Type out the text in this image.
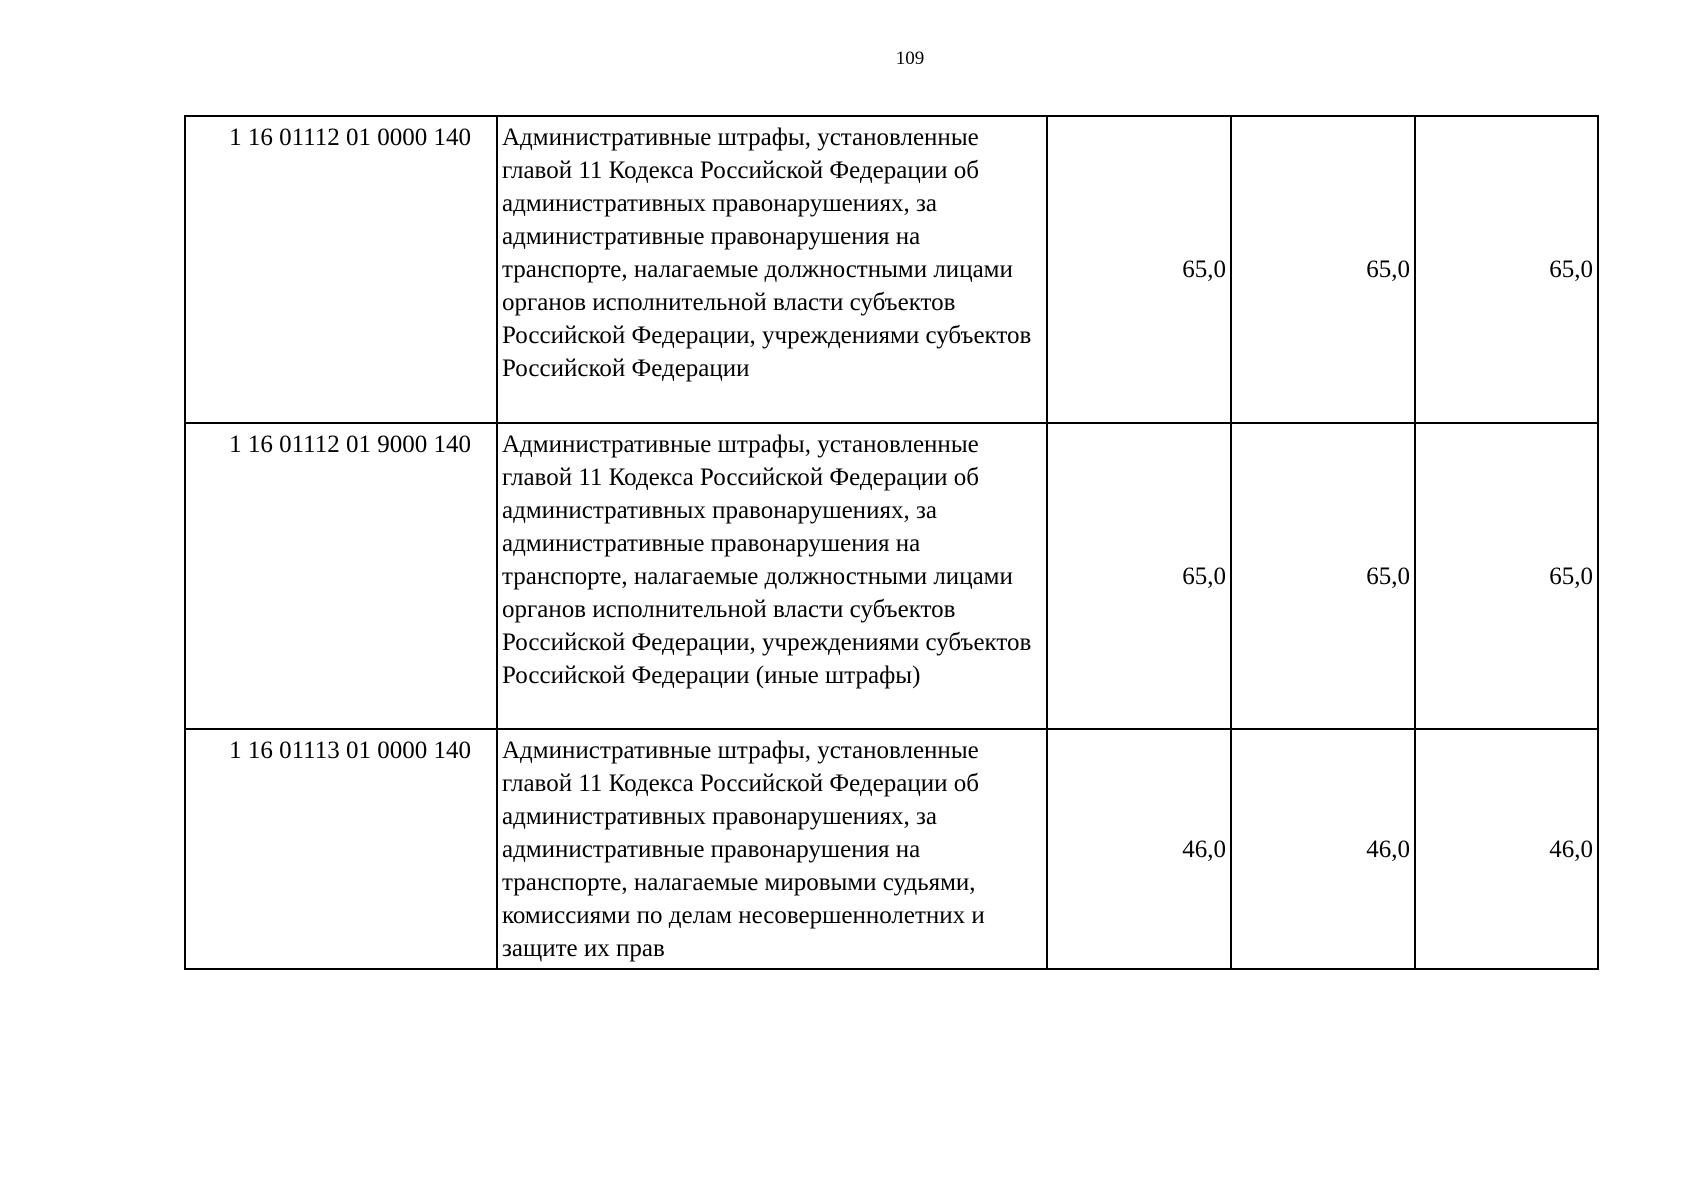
109
1 16 01112 01 0000 140	Административные штрафы, установленные главой 11 Кодекса Российской Федерации об административных правонарушениях, за административные правонарушения на транспорте, налагаемые должностными лицами органов исполнительной власти субъектов Российской Федерации, учреждениями субъектов Российской Федерации	65,0	65,0	65,0
1 16 01112 01 9000 140	Административные штрафы, установленные главой 11 Кодекса Российской Федерации об административных правонарушениях, за административные правонарушения на транспорте, налагаемые должностными лицами органов исполнительной власти субъектов Российской Федерации, учреждениями субъектов Российской Федерации (иные штрафы)	65,0	65,0	65,0
1 16 01113 01 0000 140	Административные штрафы, установленные главой 11 Кодекса Российской Федерации об административных правонарушениях, за административные правонарушения на транспорте, налагаемые мировыми судьями, комиссиями по делам несовершеннолетних и защите их прав	46,0	46,0	46,0
